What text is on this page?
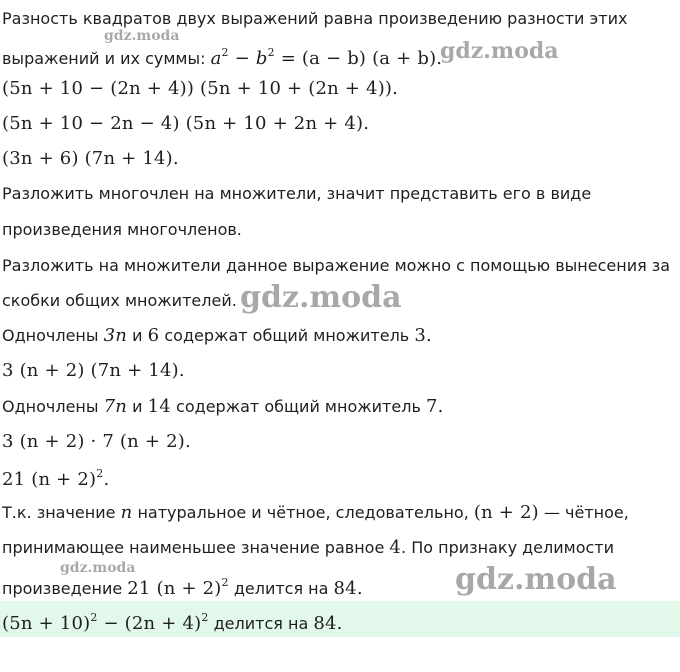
Разность квадратов двух выражений равна произведению разности этих
выражений и их суммы: $a^2 - b^2 = (a - b) (a + b)$.
(5n + 10 − (2n + 4)) (5n + 10 + (2n + 4)).
(5n + 10 − 2n − 4) (5n + 10 + 2n + 4).
(3n + 6) (7n + 14).
Разложить многочлен на множители, значит представить его в виде
произведения многочленов.
Разложить на множители данное выражение можно с помощью вынесения за
скобки общих множителей.
Одночлены 3n и 6 содержат общий множитель 3.
3 (n + 2) (7n + 14).
Одночлены 7n и 14 содержат общий множитель 7.
3 (n + 2) · 7 (n + 2).
21 $(n + 2)^2$.
Т.к. значение n натуральное и чётное, следовательно, (n + 2) — чётное,
принимающее наименьшее значение равное 4. По признаку делимости
произведение 21 $(n + 2)^2$ делится на 84.
$(5n + 10)^2 - (2n + 4)^2$ делится на 84.
gdz.moda
gdz.moda
gdz.moda
gdz.moda
gdz.moda
